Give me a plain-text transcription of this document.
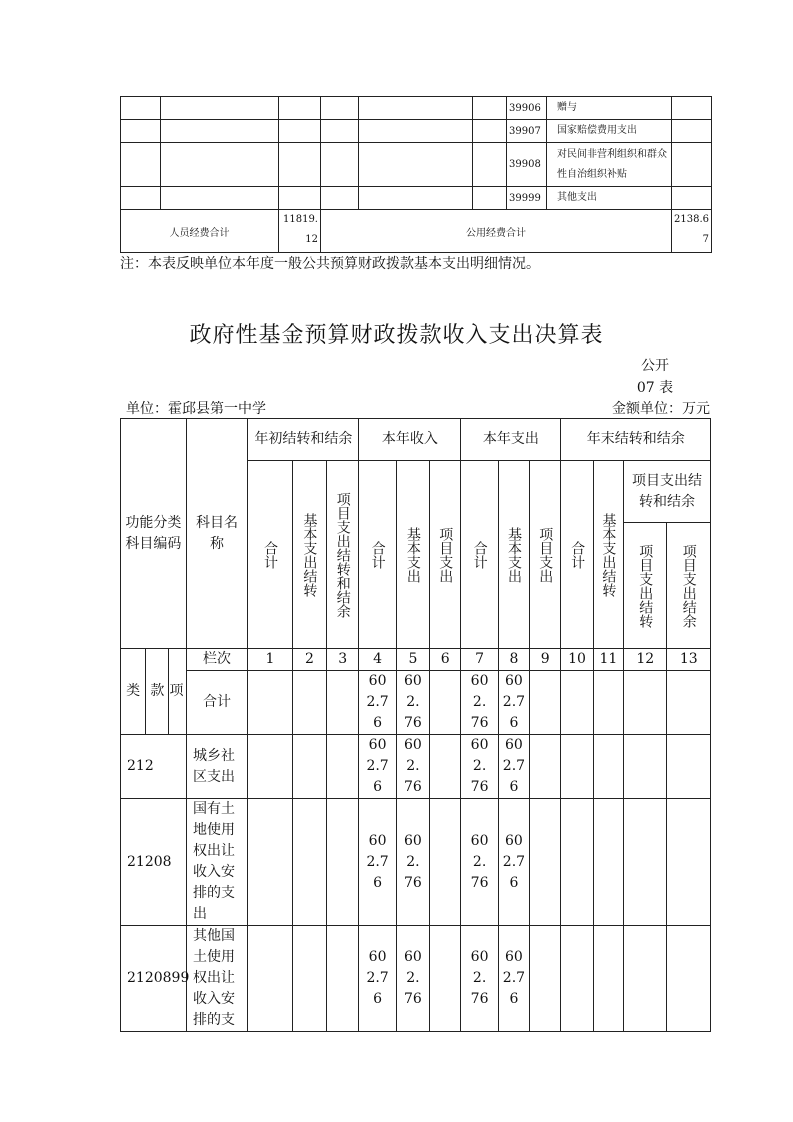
						39906	赠与	
						39907	国家赔偿费用支出	
						39908	对民间非营利组织和群众性自治组织补贴	
						39999	其他支出	
人员经费合计		11819.12	公用经费合计					2138.67
注：本表反映单位本年度一般公共预算财政拨款基本支出明细情况。
政府性基金预算财政拨款收入支出决算表
公开
07 表
单位：霍邱县第一中学	金额单位：万元
功能分类科目编码			科目名称	年初结转和结余			本年收入			本年支出			年末结转和结余			

				合计	基本支出结转	项目支出结转和结余	合计	基本支出	项目支出	合计	基本支出	项目支出	合计	基本支出结转	项目支出结转和结余	

															项目支出结转	项目支出结余

类	款	项	栏次	1	2	3	4	5	6	7	8	9	10	11	12	13
			合计				602.76	602.76		602.76	602.76					

212			城乡社区支出				602.76	602.76		602.76	602.76					

21208			国有土地使用权出让收入安排的支出				602.76	602.76		602.76	602.76					

2120899			其他国土使用权出让收入安排的支				602.76	602.76		602.76	602.76					
